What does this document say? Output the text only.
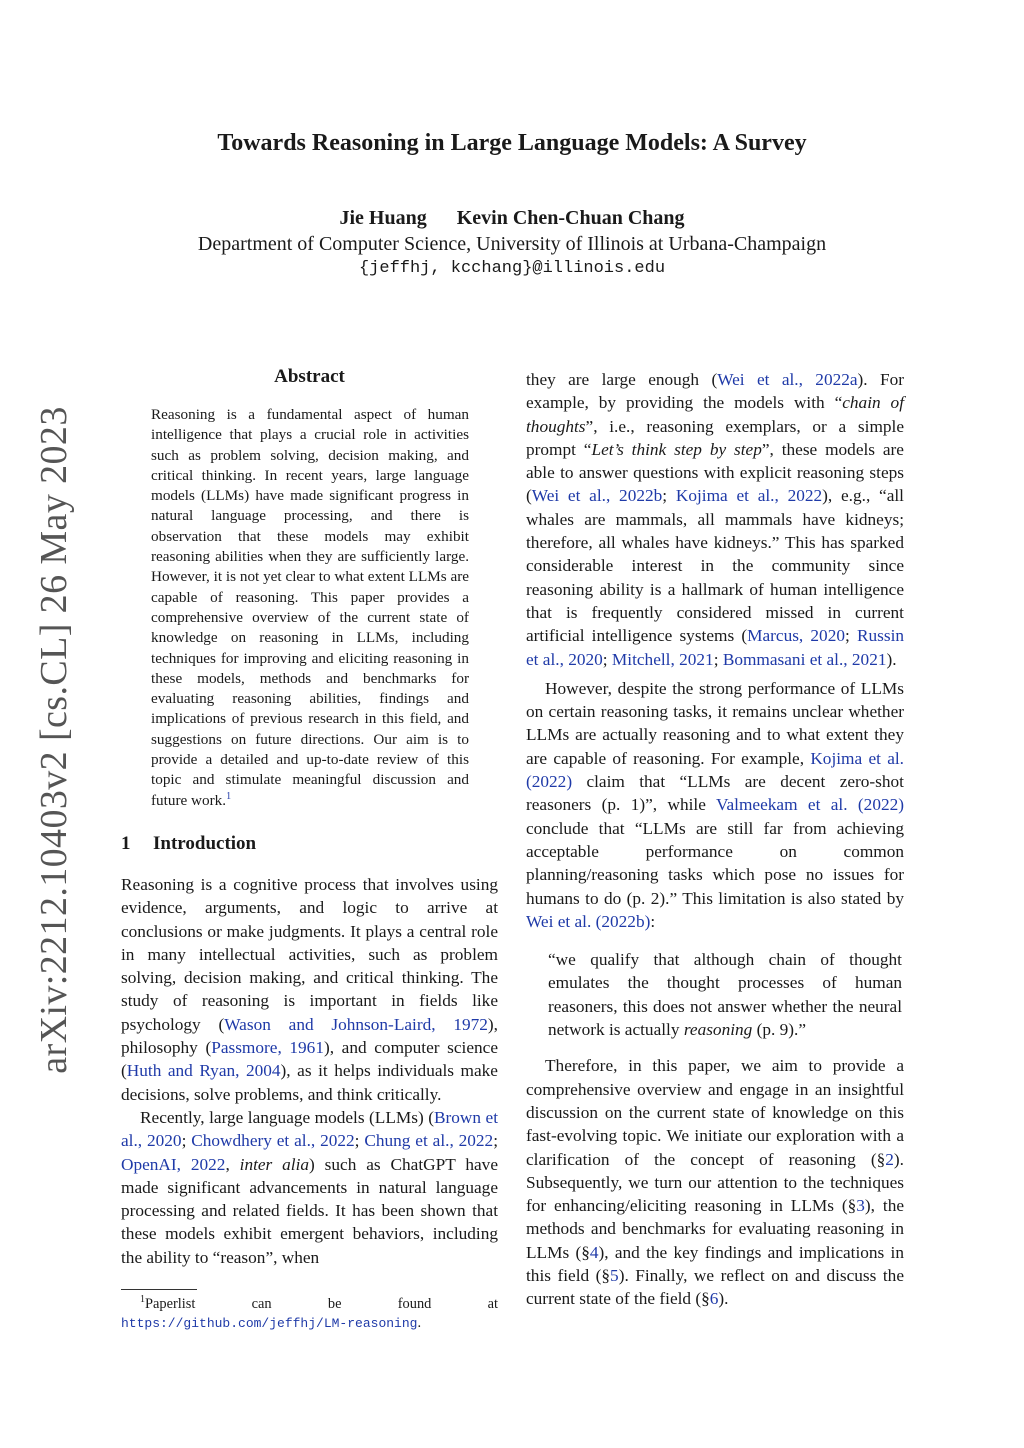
arXiv:2212.10403v2 [cs.CL] 26 May 2023
Towards Reasoning in Large Language Models: A Survey
Jie Huang Kevin Chen-Chuan Chang
Department of Computer Science, University of Illinois at Urbana-Champaign
{jeffhj, kcchang}@illinois.edu
Abstract

Reasoning is a fundamental aspect of human intelligence that plays a crucial role in activities such as problem solving, decision making, and critical thinking. In recent years, large language models (LLMs) have made significant progress in natural language processing, and there is observation that these models may exhibit reasoning abilities when they are sufficiently large. However, it is not yet clear to what extent LLMs are capable of reasoning. This paper provides a comprehensive overview of the current state of knowledge on reasoning in LLMs, including techniques for improving and eliciting reasoning in these models, methods and benchmarks for evaluating reasoning abilities, findings and implications of previous research in this field, and suggestions on future directions. Our aim is to provide a detailed and up-to-date review of this topic and stimulate meaningful discussion and future work.$^1$

1 Introduction

Reasoning is a cognitive process that involves using evidence, arguments, and logic to arrive at conclusions or make judgments. It plays a central role in many intellectual activities, such as problem solving, decision making, and critical thinking. The study of reasoning is important in fields like psychology (Wason and Johnson-Laird, 1972), philosophy (Passmore, 1961), and computer science (Huth and Ryan, 2004), as it helps individuals make decisions, solve problems, and think critically.

Recently, large language models (LLMs) (Brown et al., 2020; Chowdhery et al., 2022; Chung et al., 2022; OpenAI, 2022, inter alia) such as ChatGPT have made significant advancements in natural language processing and related fields. It has been shown that these models exhibit emergent behaviors, including the ability to “reason”, when

$^1$Paperlist can be found at https://github.com/jeffhj/LM-reasoning.

they are large enough (Wei et al., 2022a). For example, by providing the models with “chain of thoughts”, i.e., reasoning exemplars, or a simple prompt “Let’s think step by step”, these models are able to answer questions with explicit reasoning steps (Wei et al., 2022b; Kojima et al., 2022), e.g., “all whales are mammals, all mammals have kidneys; therefore, all whales have kidneys.” This has sparked considerable interest in the community since reasoning ability is a hallmark of human intelligence that is frequently considered missed in current artificial intelligence systems (Marcus, 2020; Russin et al., 2020; Mitchell, 2021; Bommasani et al., 2021).

However, despite the strong performance of LLMs on certain reasoning tasks, it remains unclear whether LLMs are actually reasoning and to what extent they are capable of reasoning. For example, Kojima et al. (2022) claim that “LLMs are decent zero-shot reasoners (p. 1)”, while Valmeekam et al. (2022) conclude that “LLMs are still far from achieving acceptable performance on common planning/reasoning tasks which pose no issues for humans to do (p. 2).” This limitation is also stated by Wei et al. (2022b):

“we qualify that although chain of thought emulates the thought processes of human reasoners, this does not answer whether the neural network is actually reasoning (p. 9).”

Therefore, in this paper, we aim to provide a comprehensive overview and engage in an insightful discussion on the current state of knowledge on this fast-evolving topic. We initiate our exploration with a clarification of the concept of reasoning (§2). Subsequently, we turn our attention to the techniques for enhancing/eliciting reasoning in LLMs (§3), the methods and benchmarks for evaluating reasoning in LLMs (§4), and the key findings and implications in this field (§5). Finally, we reflect on and discuss the current state of the field (§6).
